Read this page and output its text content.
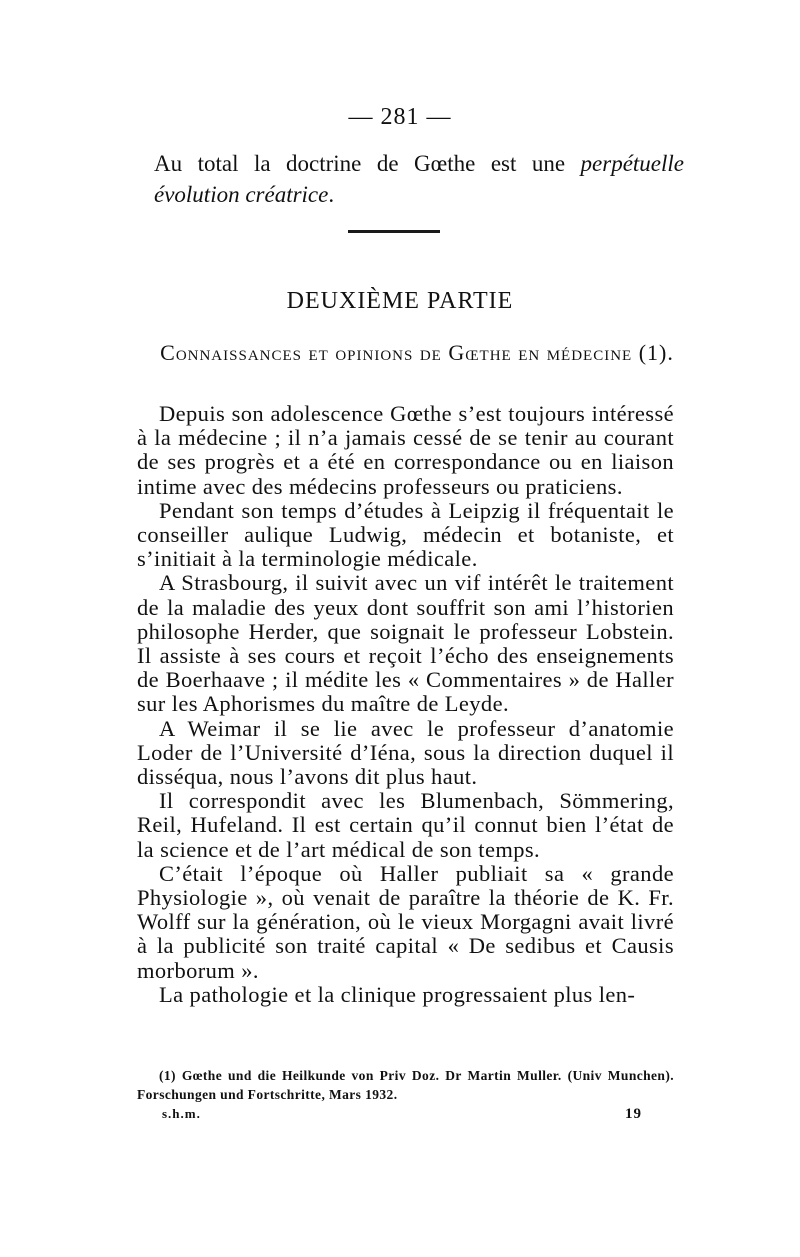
— 281 —
Au total la doctrine de Gœthe est une perpétuelle évolution créatrice.
DEUXIÈME PARTIE
Connaissances et opinions de Gœthe en médecine (1).

Depuis son adolescence Gœthe s’est toujours intéressé à la médecine ; il n’a jamais cessé de se tenir au courant de ses progrès et a été en correspondance ou en liaison intime avec des médecins professeurs ou praticiens.

Pendant son temps d’études à Leipzig il fréquentait le conseiller aulique Ludwig, médecin et botaniste, et s’initiait à la terminologie médicale.

A Strasbourg, il suivit avec un vif intérêt le traitement de la maladie des yeux dont souffrit son ami l’historien philosophe Herder, que soignait le professeur Lobstein. Il assiste à ses cours et reçoit l’écho des enseignements de Boerhaave ; il médite les « Commentaires » de Haller sur les Aphorismes du maître de Leyde.

A Weimar il se lie avec le professeur d’anatomie Loder de l’Université d’Iéna, sous la direction duquel il disséqua, nous l’avons dit plus haut.

Il correspondit avec les Blumenbach, Sömmering, Reil, Hufeland. Il est certain qu’il connut bien l’état de la science et de l’art médical de son temps.

C’était l’époque où Haller publiait sa « grande Physiologie », où venait de paraître la théorie de K. Fr. Wolff sur la génération, où le vieux Morgagni avait livré à la publicité son traité capital « De sedibus et Causis morborum ».

La pathologie et la clinique progressaient plus len-

(1) Gœthe und die Heilkunde von Priv Doz. Dr Martin Muller. (Univ Munchen). Forschungen und Fortschritte, Mars 1932.

s.h.m.	19
